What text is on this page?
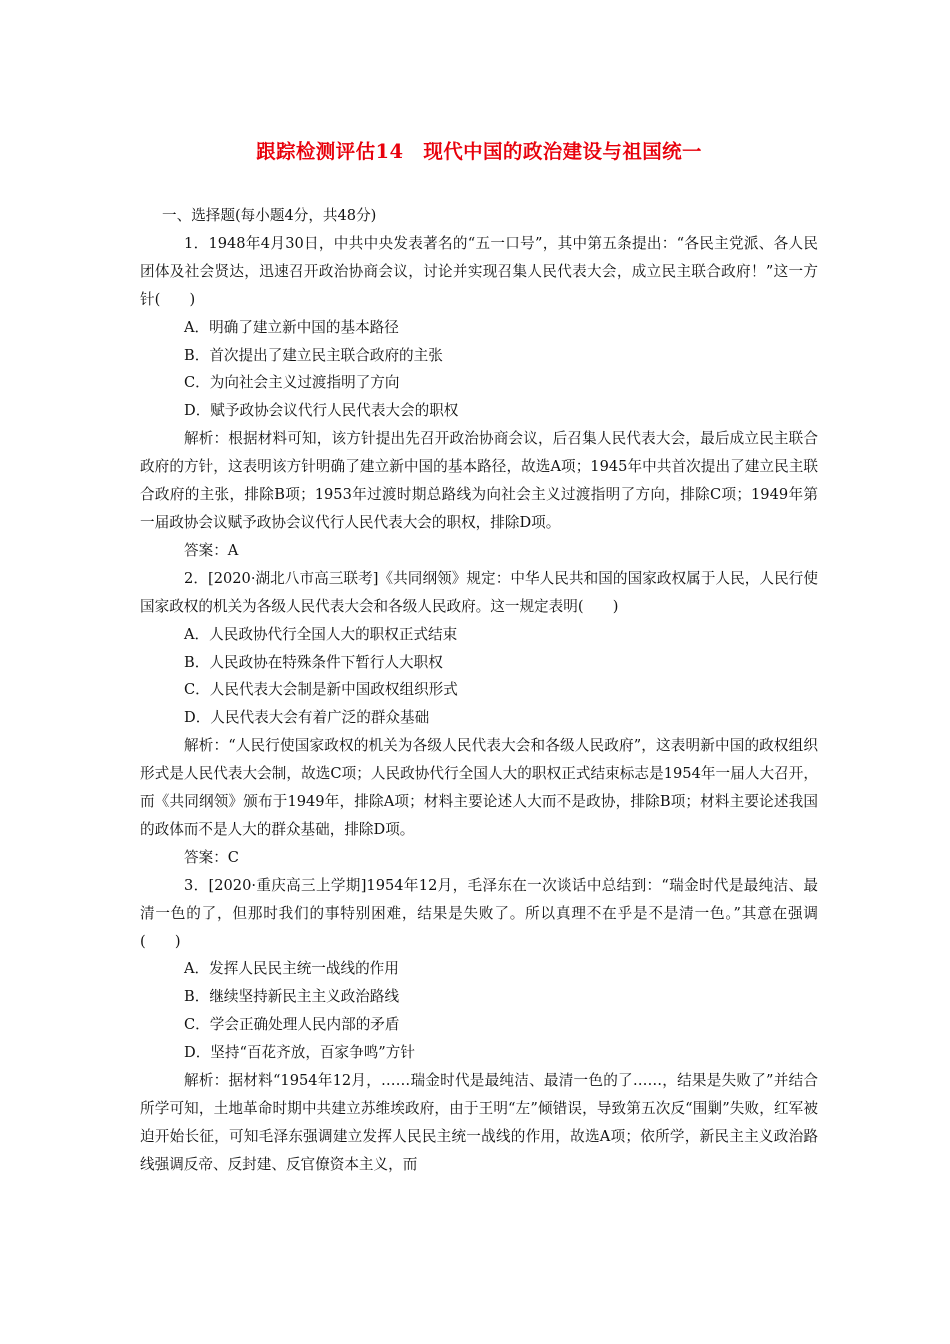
跟踪检测评估14　现代中国的政治建设与祖国统一
一、选择题(每小题4分，共48分)
1．1948年4月30日，中共中央发表著名的“五一口号”，其中第五条提出：“各民主党派、各人民团体及社会贤达，迅速召开政治协商会议，讨论并实现召集人民代表大会，成立民主联合政府！”这一方针(　　)
A．明确了建立新中国的基本路径
B．首次提出了建立民主联合政府的主张
C．为向社会主义过渡指明了方向
D．赋予政协会议代行人民代表大会的职权
解析：根据材料可知，该方针提出先召开政治协商会议，后召集人民代表大会，最后成立民主联合政府的方针，这表明该方针明确了建立新中国的基本路径，故选A项；1945年中共首次提出了建立民主联合政府的主张，排除B项；1953年过渡时期总路线为向社会主义过渡指明了方向，排除C项；1949年第一届政协会议赋予政协会议代行人民代表大会的职权，排除D项。
答案：A
2．[2020·湖北八市高三联考]《共同纲领》规定：中华人民共和国的国家政权属于人民，人民行使国家政权的机关为各级人民代表大会和各级人民政府。这一规定表明(　　)
A．人民政协代行全国人大的职权正式结束
B．人民政协在特殊条件下暂行人大职权
C．人民代表大会制是新中国政权组织形式
D．人民代表大会有着广泛的群众基础
解析：“人民行使国家政权的机关为各级人民代表大会和各级人民政府”，这表明新中国的政权组织形式是人民代表大会制，故选C项；人民政协代行全国人大的职权正式结束标志是1954年一届人大召开，而《共同纲领》颁布于1949年，排除A项；材料主要论述人大而不是政协，排除B项；材料主要论述我国的政体而不是人大的群众基础，排除D项。
答案：C
3．[2020·重庆高三上学期]1954年12月，毛泽东在一次谈话中总结到：“瑞金时代是最纯洁、最清一色的了，但那时我们的事特别困难，结果是失败了。所以真理不在乎是不是清一色。”其意在强调(　　)
A．发挥人民民主统一战线的作用
B．继续坚持新民主主义政治路线
C．学会正确处理人民内部的矛盾
D．坚持“百花齐放，百家争鸣”方针
解析：据材料“1954年12月，……瑞金时代是最纯洁、最清一色的了……，结果是失败了”并结合所学可知，土地革命时期中共建立苏维埃政府，由于王明“左”倾错误，导致第五次反“围剿”失败，红军被迫开始长征，可知毛泽东强调建立发挥人民民主统一战线的作用，故选A项；依所学，新民主主义政治路线强调反帝、反封建、反官僚资本主义，而
